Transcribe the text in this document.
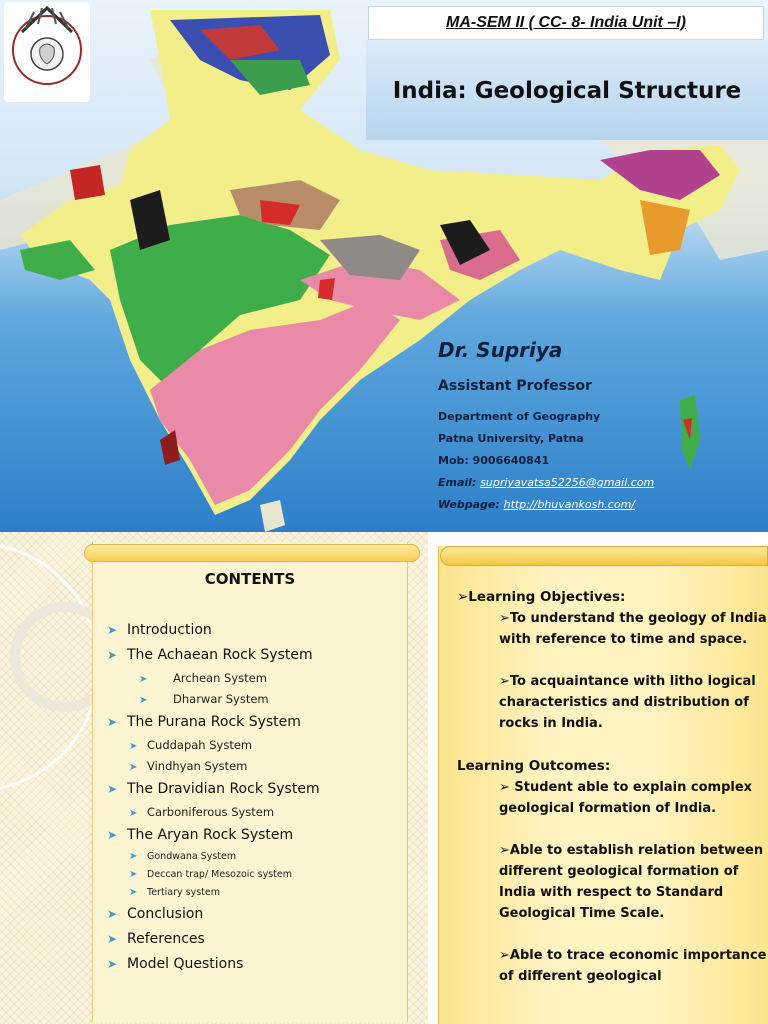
MA-SEM II ( CC- 8- India Unit –I)
India: Geological Structure
Dr. Supriya
Assistant Professor
Department of Geography
Patna University, Patna
Mob: 9006640841
Email: supriyavatsa52256@gmail.com
Webpage: http://bhuvankosh.com/
CONTENTS
➤ Introduction
➤ The Achaean Rock System
➤ Archean System
➤ Dharwar System
➤ The Purana Rock System
➤ Cuddapah System
➤ Vindhyan System
➤ The Dravidian Rock System
➤ Carboniferous System
➤ The Aryan Rock System
➤ Gondwana System
➤ Deccan trap/ Mesozoic system
➤ Tertiary system
➤ Conclusion
➤ References
➤ Model Questions
➢Learning Objectives:

➢To understand the geology of India with reference to time and space.

➢To acquaintance with litho logical characteristics and distribution of rocks in India.

Learning Outcomes:

➢ Student able to explain complex geological formation of India.

➢Able to establish relation between different geological formation of India with respect to Standard Geological Time Scale.

➢Able to trace economic importance of different geological
